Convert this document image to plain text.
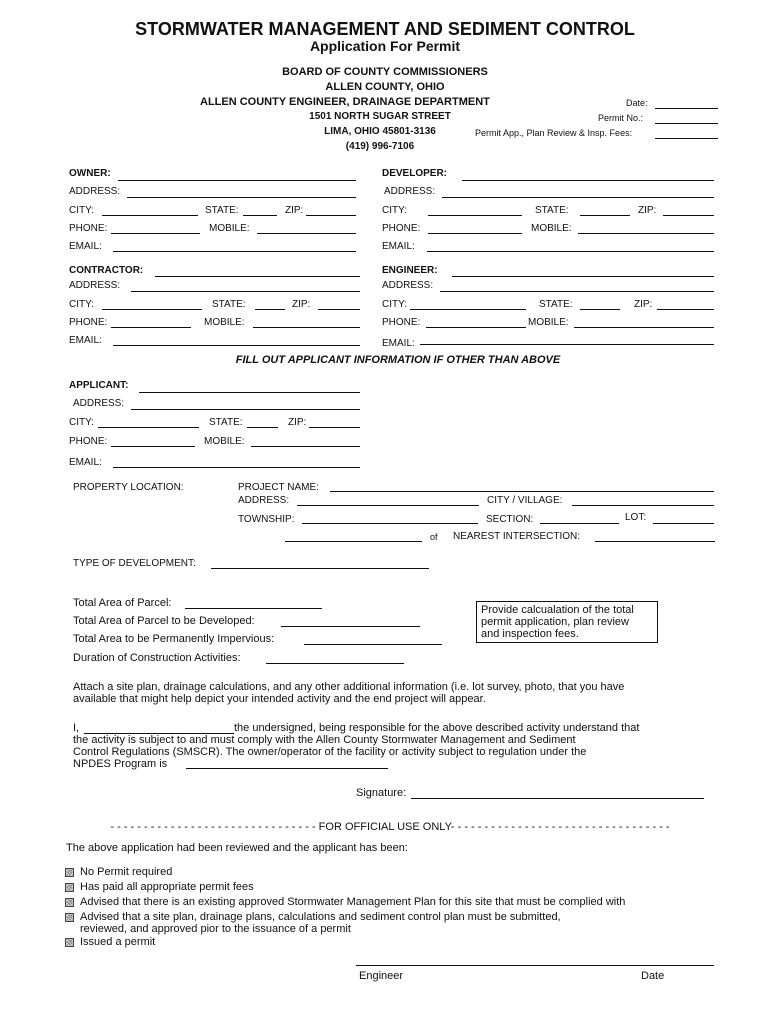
STORMWATER MANAGEMENT AND SEDIMENT CONTROL
Application For Permit
BOARD OF COUNTY COMMISSIONERS
ALLEN COUNTY, OHIO
ALLEN COUNTY ENGINEER, DRAINAGE DEPARTMENT
1501 NORTH SUGAR STREET
LIMA, OHIO 45801-3136
(419) 996-7106
Date:
Permit No.:
Permit App., Plan Review & Insp. Fees:
OWNER:
ADDRESS:
CITY:	STATE:	ZIP:
PHONE:	MOBILE:
EMAIL:
DEVELOPER:
ADDRESS:
CITY:	STATE:	ZIP:
PHONE:	MOBILE:
EMAIL:
CONTRACTOR:
ADDRESS:
CITY:	STATE:	ZIP:
PHONE:	MOBILE:
EMAIL:
ENGINEER:
ADDRESS:
CITY:	STATE:	ZIP:
PHONE:	MOBILE:
EMAIL:
FILL OUT APPLICANT INFORMATION IF OTHER THAN ABOVE
APPLICANT:
ADDRESS:
CITY:	STATE:	ZIP:
PHONE:	MOBILE:
EMAIL:
PROPERTY LOCATION:	PROJECT NAME:
ADDRESS:	CITY / VILLAGE:
TOWNSHIP:	SECTION:	LOT:
of NEAREST INTERSECTION:
TYPE OF DEVELOPMENT:
Total Area of Parcel:
Total Area of Parcel to be Developed:
Total Area to be Permanently Impervious:
Duration of Construction Activities:
Provide calcualation of the total
permit application, plan review
and inspection fees.
Attach a site plan, drainage calculations, and any other additional information (i.e. lot survey, photo, that you have
available that might help depict your intended activity and the end project will appear.
I,	the undersigned, being responsible for the above described activity understand that
the activity is subject to and must comply with the Allen County Stormwater Management and Sediment
Control Regulations (SMSCR). The owner/operator of the facility or activity subject to regulation under the
NPDES Program is
Signature:
- - - - - - - - - - - - - - - - - - - - - - - - - - - - - - - FOR OFFICIAL USE ONLY- - - - - - - - - - - - - - - - - - - - - - - - - - - - - - - - -
The above application had been reviewed and the applicant has been:
No Permit required
Has paid all appropriate permit fees
Advised that there is an existing approved Stormwater Management Plan for this site that must be complied with
Advised that a site plan, drainage plans, calculations and sediment control plan must be submitted,
reviewed, and approved pior to the issuance of a permit
Issued a permit
Engineer	Date
